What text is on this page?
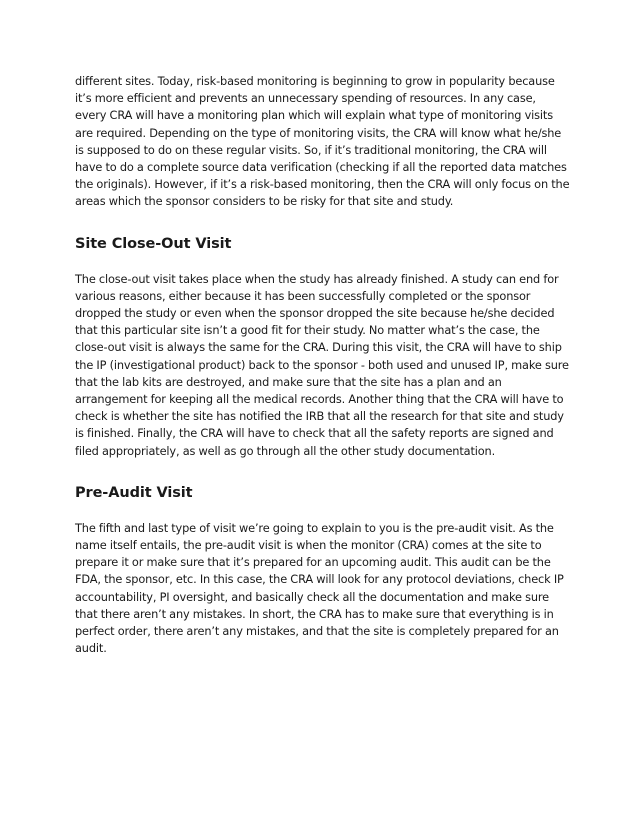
different sites. Today, risk-based monitoring is beginning to grow in popularity because it’s more efficient and prevents an unnecessary spending of resources. In any case, every CRA will have a monitoring plan which will explain what type of monitoring visits are required. Depending on the type of monitoring visits, the CRA will know what he/she is supposed to do on these regular visits. So, if it’s traditional monitoring, the CRA will have to do a complete source data verification (checking if all the reported data matches the originals). However, if it’s a risk-based monitoring, then the CRA will only focus on the areas which the sponsor considers to be risky for that site and study.

Site Close-Out Visit

The close-out visit takes place when the study has already finished. A study can end for various reasons, either because it has been successfully completed or the sponsor dropped the study or even when the sponsor dropped the site because he/she decided that this particular site isn’t a good fit for their study. No matter what’s the case, the close-out visit is always the same for the CRA. During this visit, the CRA will have to ship the IP (investigational product) back to the sponsor - both used and unused IP, make sure that the lab kits are destroyed, and make sure that the site has a plan and an arrangement for keeping all the medical records. Another thing that the CRA will have to check is whether the site has notified the IRB that all the research for that site and study is finished. Finally, the CRA will have to check that all the safety reports are signed and filed appropriately, as well as go through all the other study documentation.

Pre-Audit Visit

The fifth and last type of visit we’re going to explain to you is the pre-audit visit. As the name itself entails, the pre-audit visit is when the monitor (CRA) comes at the site to prepare it or make sure that it’s prepared for an upcoming audit. This audit can be the FDA, the sponsor, etc. In this case, the CRA will look for any protocol deviations, check IP accountability, PI oversight, and basically check all the documentation and make sure that there aren’t any mistakes. In short, the CRA has to make sure that everything is in perfect order, there aren’t any mistakes, and that the site is completely prepared for an audit.
